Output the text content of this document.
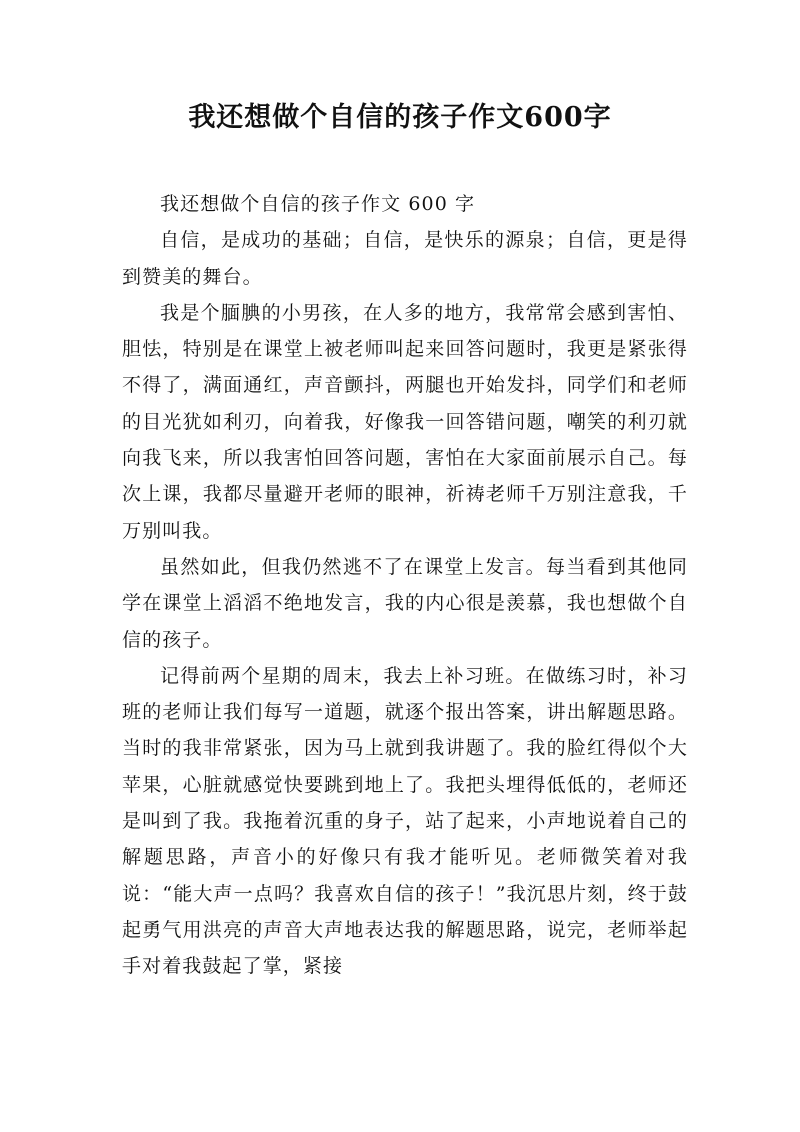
我还想做个自信的孩子作文600字

我还想做个自信的孩子作文 600 字

自信，是成功的基础；自信，是快乐的源泉；自信，更是得到赞美的舞台。

我是个腼腆的小男孩，在人多的地方，我常常会感到害怕、胆怯，特别是在课堂上被老师叫起来回答问题时，我更是紧张得不得了，满面通红，声音颤抖，两腿也开始发抖，同学们和老师的目光犹如利刃，向着我，好像我一回答错问题，嘲笑的利刃就向我飞来，所以我害怕回答问题，害怕在大家面前展示自己。每次上课，我都尽量避开老师的眼神，祈祷老师千万别注意我，千万别叫我。

虽然如此，但我仍然逃不了在课堂上发言。每当看到其他同学在课堂上滔滔不绝地发言，我的内心很是羡慕，我也想做个自信的孩子。

记得前两个星期的周末，我去上补习班。在做练习时，补习班的老师让我们每写一道题，就逐个报出答案，讲出解题思路。当时的我非常紧张，因为马上就到我讲题了。我的脸红得似个大苹果，心脏就感觉快要跳到地上了。我把头埋得低低的，老师还是叫到了我。我拖着沉重的身子，站了起来，小声地说着自己的解题思路，声音小的好像只有我才能听见。老师微笑着对我说：“能大声一点吗？我喜欢自信的孩子！”我沉思片刻，终于鼓起勇气用洪亮的声音大声地表达我的解题思路，说完，老师举起手对着我鼓起了掌，紧接
